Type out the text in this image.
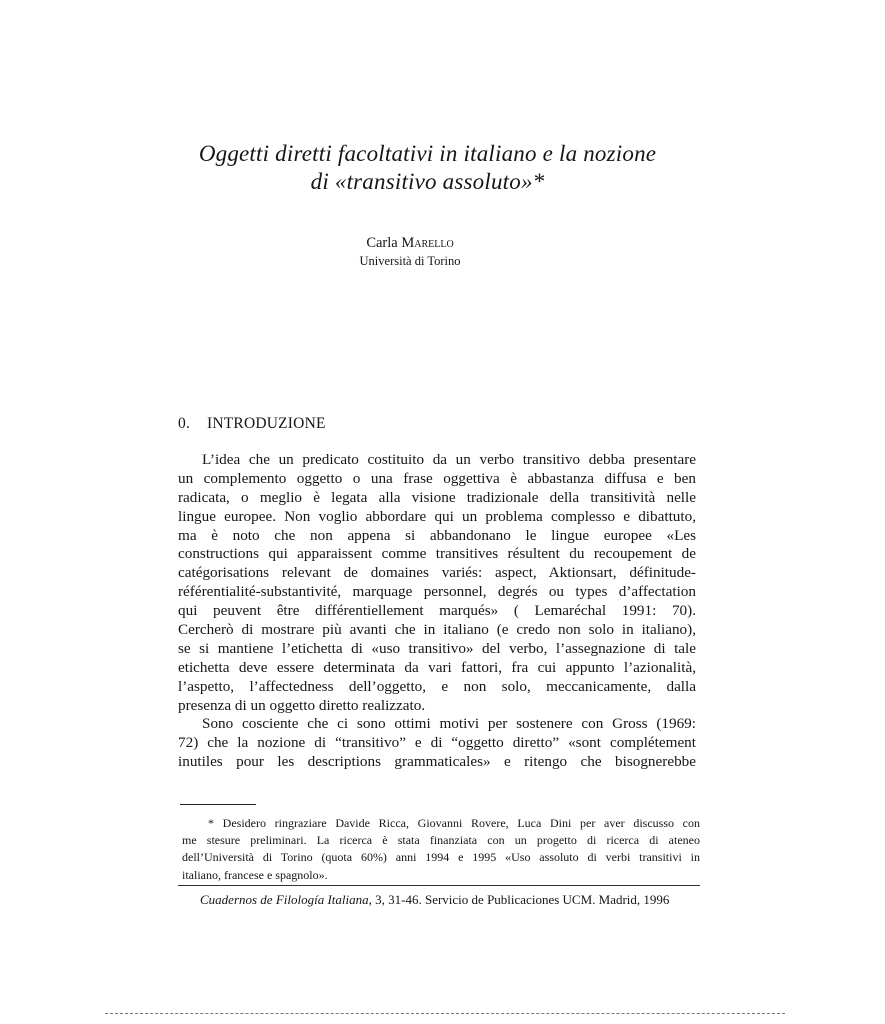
Oggetti diretti facoltativi in italiano e la nozione
di «transitivo assoluto»*
Carla Marello
Università di Torino
0. INTRODUZIONE
L’idea che un predicato costituito da un verbo transitivo debba presentare
un complemento oggetto o una frase oggettiva è abbastanza diffusa e ben
radicata, o meglio è legata alla visione tradizionale della transitività nelle
lingue europee. Non voglio abbordare qui un problema complesso e dibattuto,
ma è noto che non appena si abbandonano le lingue europee «Les
constructions qui apparaissent comme transitives résultent du recoupement de
catégorisations relevant de domaines variés: aspect, Aktionsart, définitude-
référentialité-substantivité, marquage personnel, degrés ou types d’affectation
qui peuvent être différentiellement marqués» ( Lemaréchal 1991: 70).
Cercherò di mostrare più avanti che in italiano (e credo non solo in italiano),
se si mantiene l’etichetta di «uso transitivo» del verbo, l’assegnazione di tale
etichetta deve essere determinata da vari fattori, fra cui appunto l’azionalità,
l’aspetto, l’affectedness dell’oggetto, e non solo, meccanicamente, dalla
presenza di un oggetto diretto realizzato.
Sono cosciente che ci sono ottimi motivi per sostenere con Gross (1969:
72) che la nozione di “transitivo” e di “oggetto diretto” «sont complétement
inutiles pour les descriptions grammaticales» e ritengo che bisognerebbe
* Desidero ringraziare Davide Ricca, Giovanni Rovere, Luca Dini per aver discusso con
me stesure preliminari. La ricerca è stata finanziata con un progetto di ricerca di ateneo
dell’Università di Torino (quota 60%) anni 1994 e 1995 «Uso assoluto di verbi transitivi in
italiano, francese e spagnolo».
Cuadernos de Filología Italiana, 3, 31-46. Servicio de Publicaciones UCM. Madrid, 1996
